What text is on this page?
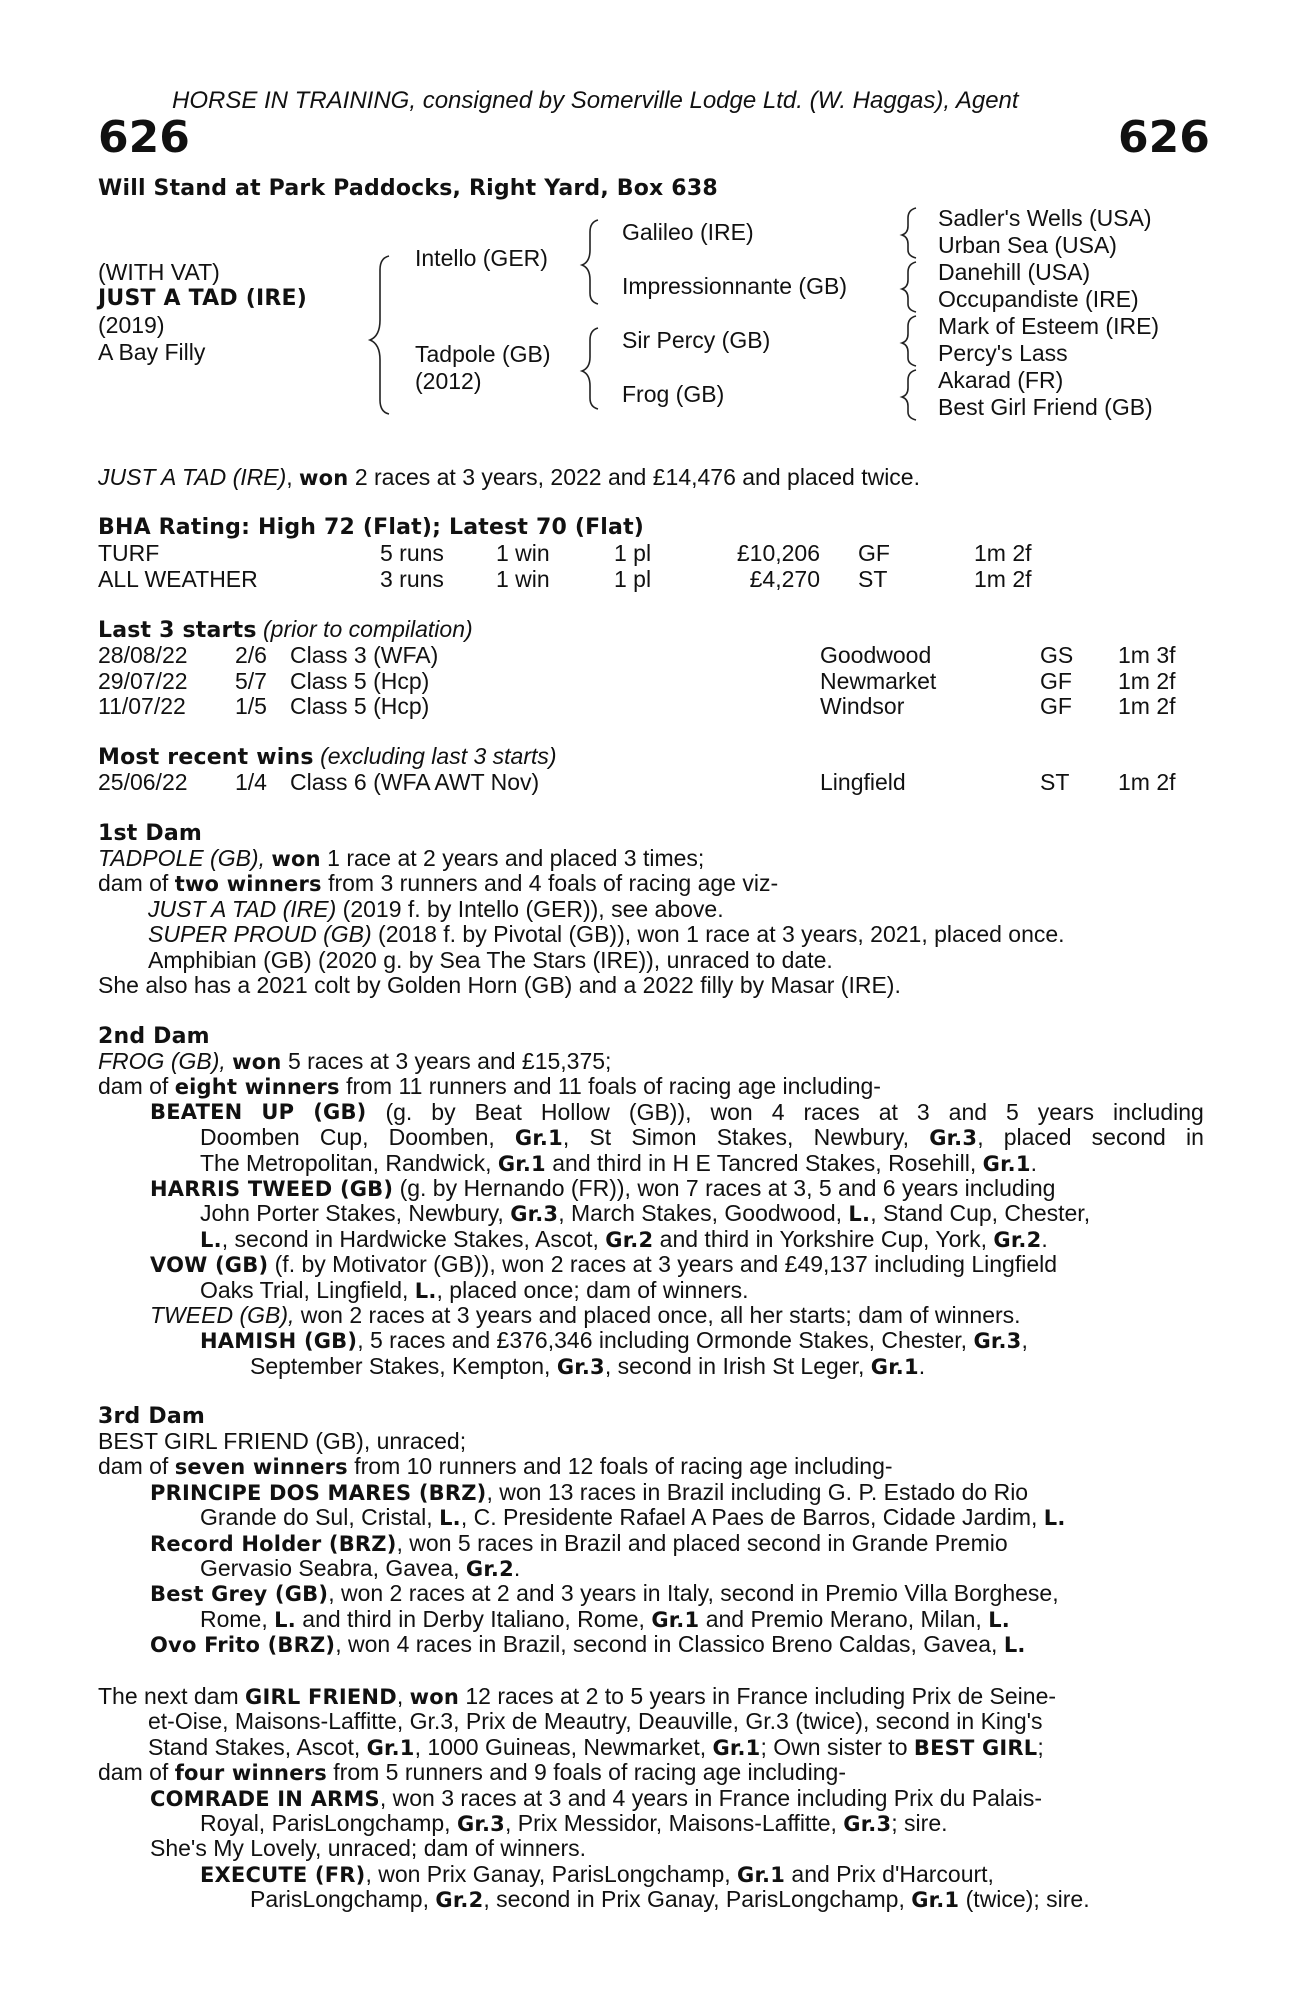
HORSE IN TRAINING, consigned by Somerville Lodge Ltd. (W. Haggas), Agent
626	626
Will Stand at Park Paddocks, Right Yard, Box 638
(WITH VAT)
JUST A TAD (IRE)
(2019)
A Bay Filly
Intello (GER)
Tadpole (GB)
(2012)
Galileo (IRE)
Impressionnante (GB)
Sir Percy (GB)
Frog (GB)
Sadler's Wells (USA)
Urban Sea (USA)
Danehill (USA)
Occupandiste (IRE)
Mark of Esteem (IRE)
Percy's Lass
Akarad (FR)
Best Girl Friend (GB)
JUST A TAD (IRE), won 2 races at 3 years, 2022 and £14,476 and placed twice.
BHA Rating: High 72 (Flat); Latest 70 (Flat)
TURF	5 runs 1 win	1 pl	£10,206 GF	1m 2f
ALL WEATHER	3 runs 1 win	1 pl	£4,270 ST	1m 2f
Last 3 starts (prior to compilation)
28/08/22 2/6 Class 3 (WFA)	Goodwood	GS 1m 3f
29/07/22 5/7 Class 5 (Hcp)	Newmarket	GF 1m 2f
11/07/22 1/5 Class 5 (Hcp)	Windsor	GF 1m 2f
Most recent wins (excluding last 3 starts)
25/06/22 1/4 Class 6 (WFA AWT Nov)	Lingfield	ST 1m 2f
1st Dam
TADPOLE (GB), won 1 race at 2 years and placed 3 times;
dam of two winners from 3 runners and 4 foals of racing age viz-
JUST A TAD (IRE) (2019 f. by Intello (GER)), see above.
SUPER PROUD (GB) (2018 f. by Pivotal (GB)), won 1 race at 3 years, 2021, placed once.
Amphibian (GB) (2020 g. by Sea The Stars (IRE)), unraced to date.
She also has a 2021 colt by Golden Horn (GB) and a 2022 filly by Masar (IRE).
2nd Dam
FROG (GB), won 5 races at 3 years and £15,375;
dam of eight winners from 11 runners and 11 foals of racing age including-
BEATEN UP (GB) (g. by Beat Hollow (GB)), won 4 races at 3 and 5 years including
Doomben Cup, Doomben, Gr.1, St Simon Stakes, Newbury, Gr.3, placed second in
The Metropolitan, Randwick, Gr.1 and third in H E Tancred Stakes, Rosehill, Gr.1.
HARRIS TWEED (GB) (g. by Hernando (FR)), won 7 races at 3, 5 and 6 years including
John Porter Stakes, Newbury, Gr.3, March Stakes, Goodwood, L., Stand Cup, Chester,
L., second in Hardwicke Stakes, Ascot, Gr.2 and third in Yorkshire Cup, York, Gr.2.
VOW (GB) (f. by Motivator (GB)), won 2 races at 3 years and £49,137 including Lingfield
Oaks Trial, Lingfield, L., placed once; dam of winners.
TWEED (GB), won 2 races at 3 years and placed once, all her starts; dam of winners.
HAMISH (GB), 5 races and £376,346 including Ormonde Stakes, Chester, Gr.3,
September Stakes, Kempton, Gr.3, second in Irish St Leger, Gr.1.
3rd Dam
BEST GIRL FRIEND (GB), unraced;
dam of seven winners from 10 runners and 12 foals of racing age including-
PRINCIPE DOS MARES (BRZ), won 13 races in Brazil including G. P. Estado do Rio
Grande do Sul, Cristal, L., C. Presidente Rafael A Paes de Barros, Cidade Jardim, L.
Record Holder (BRZ), won 5 races in Brazil and placed second in Grande Premio
Gervasio Seabra, Gavea, Gr.2.
Best Grey (GB), won 2 races at 2 and 3 years in Italy, second in Premio Villa Borghese,
Rome, L. and third in Derby Italiano, Rome, Gr.1 and Premio Merano, Milan, L.
Ovo Frito (BRZ), won 4 races in Brazil, second in Classico Breno Caldas, Gavea, L.
The next dam GIRL FRIEND, won 12 races at 2 to 5 years in France including Prix de Seine-
et-Oise, Maisons-Laffitte, Gr.3, Prix de Meautry, Deauville, Gr.3 (twice), second in King's
Stand Stakes, Ascot, Gr.1, 1000 Guineas, Newmarket, Gr.1; Own sister to BEST GIRL;
dam of four winners from 5 runners and 9 foals of racing age including-
COMRADE IN ARMS, won 3 races at 3 and 4 years in France including Prix du Palais-
Royal, ParisLongchamp, Gr.3, Prix Messidor, Maisons-Laffitte, Gr.3; sire.
She's My Lovely, unraced; dam of winners.
EXECUTE (FR), won Prix Ganay, ParisLongchamp, Gr.1 and Prix d'Harcourt,
ParisLongchamp, Gr.2, second in Prix Ganay, ParisLongchamp, Gr.1 (twice); sire.
